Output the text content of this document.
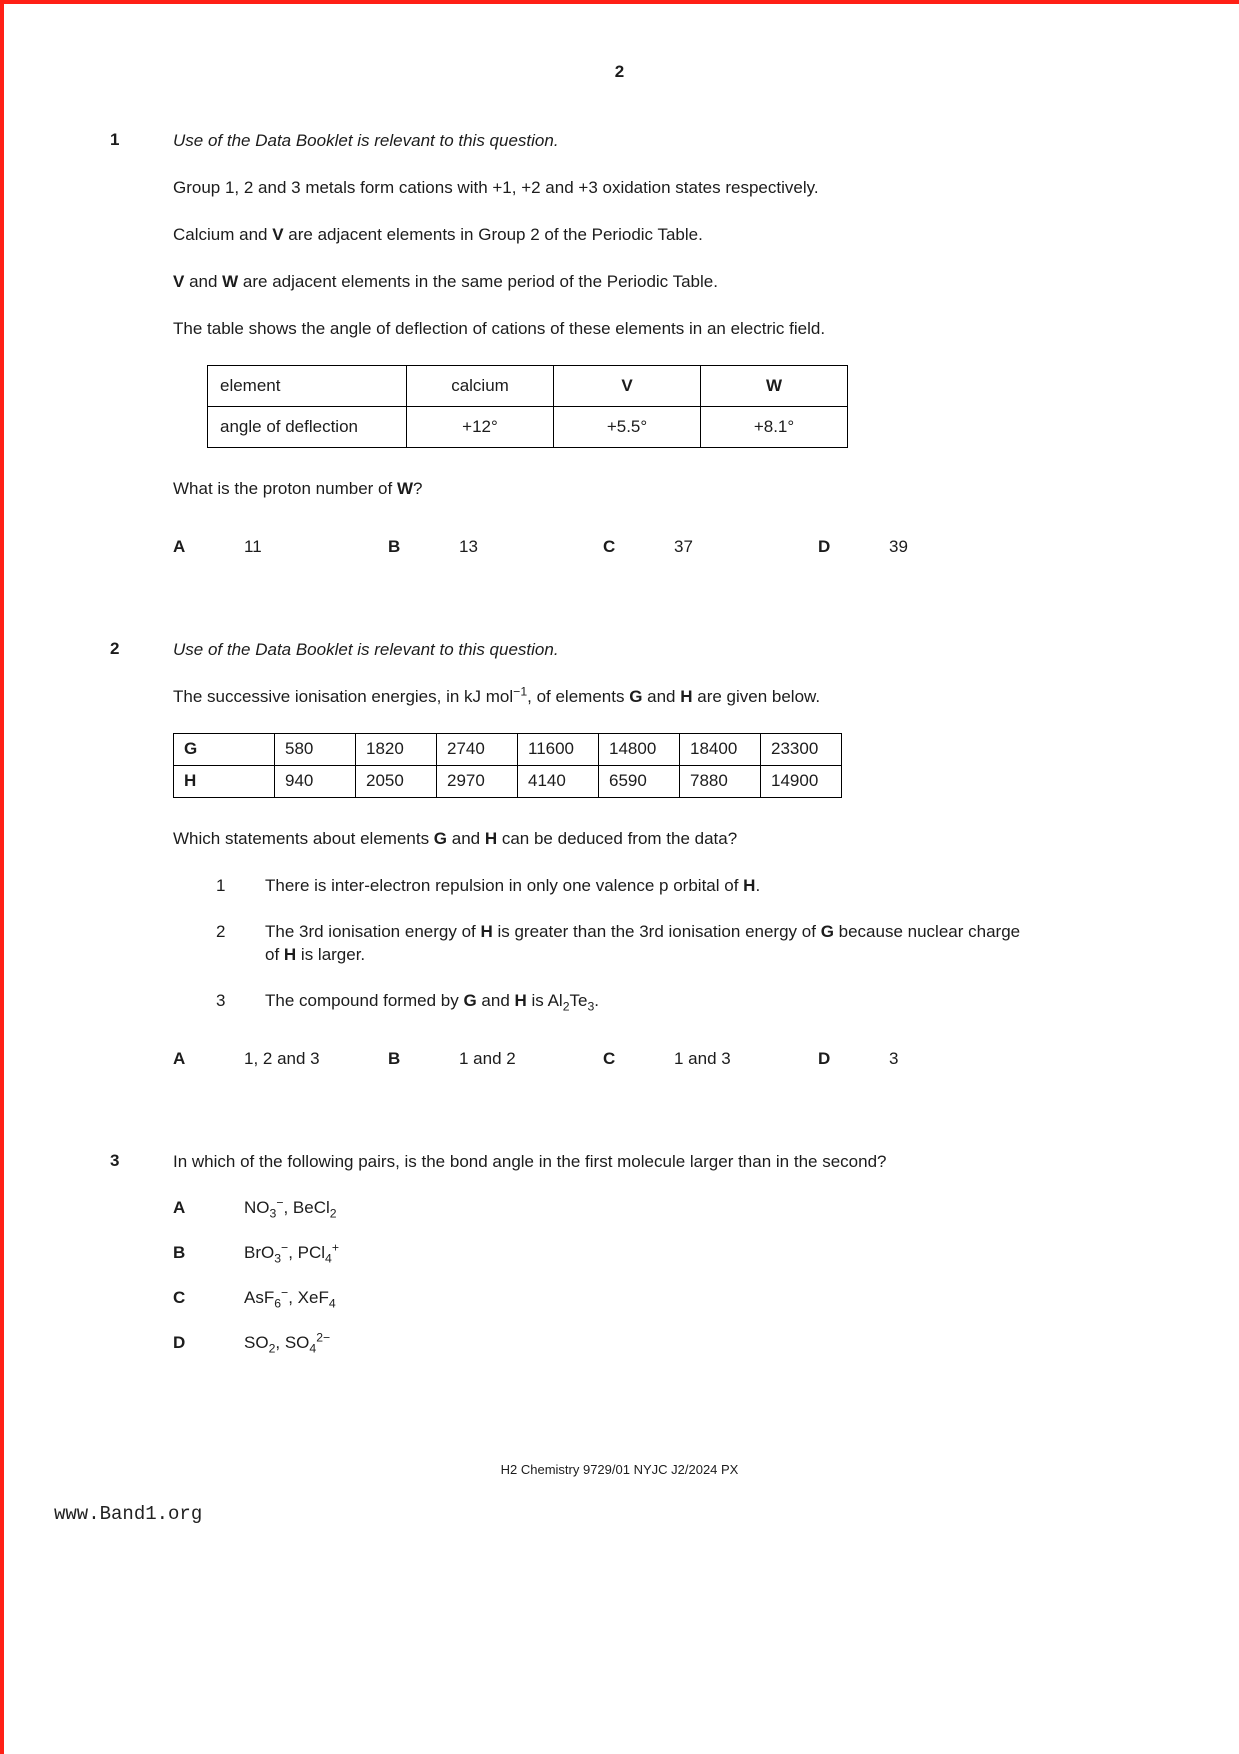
2
1	Use of the Data Booklet is relevant to this question.

Group 1, 2 and 3 metals form cations with +1, +2 and +3 oxidation states respectively.

Calcium and V are adjacent elements in Group 2 of the Periodic Table.

V and W are adjacent elements in the same period of the Periodic Table.

The table shows the angle of deflection of cations of these elements in an electric field.

element	calcium	V	W
angle of deflection	+12°	+5.5°	+8.1°

What is the proton number of W?

A	11	B	13	C	37	D	39
2	Use of the Data Booklet is relevant to this question.

The successive ionisation energies, in kJ mol$^{-1}$, of elements G and H are given below.

G	580	1820	2740	11600	14800	18400	23300
H	940	2050	2970	4140	6590	7880	14900

Which statements about elements G and H can be deduced from the data?

1	There is inter-electron repulsion in only one valence p orbital of H.
2	The 3rd ionisation energy of H is greater than the 3rd ionisation energy of G because nuclear charge of H is larger.
3	The compound formed by G and H is $Al_2Te_3$.
A	1, 2 and 3	B	1 and 2	C	1 and 3	D	3
3	In which of the following pairs, is the bond angle in the first molecule larger than in the second?

A	$NO_3^-$, BeCl$_2$
B	BrO$_3$−, PCl$_4$+
C	AsF$_6$−, XeF$_4$
D	$SO_2$, $SO_4^{2-}$
H2 Chemistry 9729/01 NYJC J2/2024 PX
www.Band1.org
